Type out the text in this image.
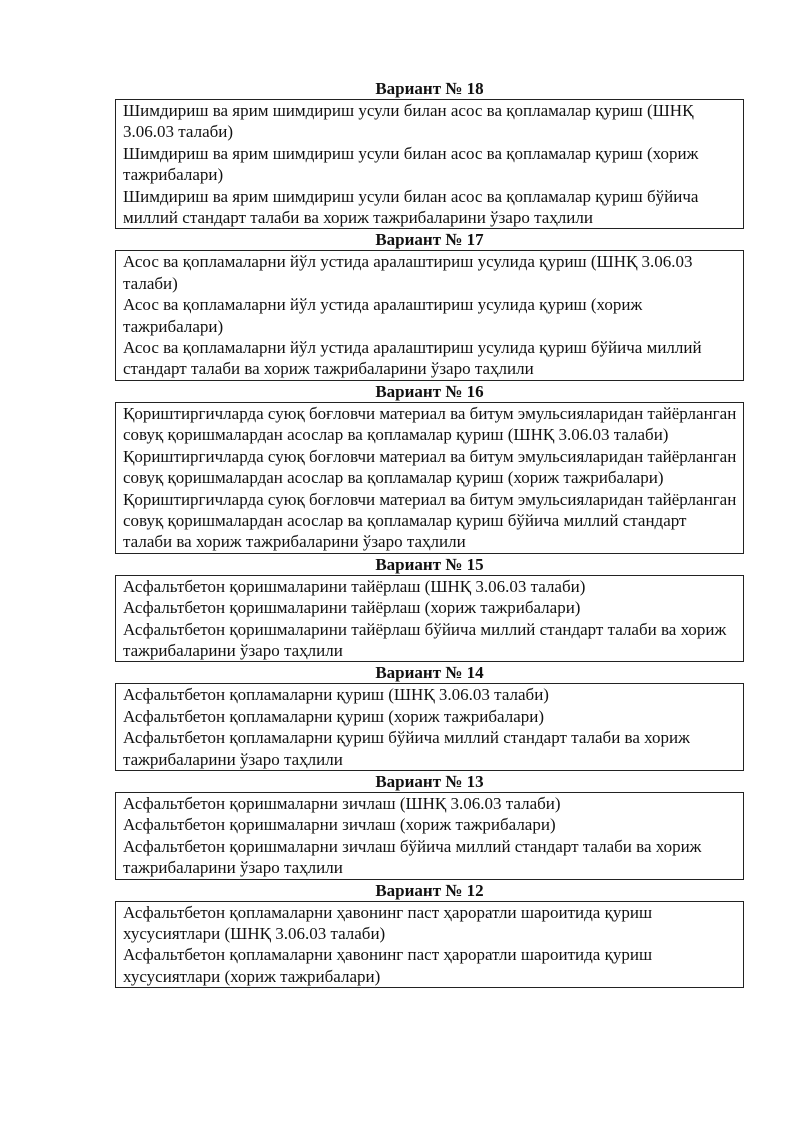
Вариант № 18
Шимдириш ва ярим шимдириш усули билан асос ва қопламалар қуриш (ШНҚ 3.06.03 талаби)
Шимдириш ва ярим шимдириш усули билан асос ва қопламалар қуриш (хориж тажрибалари)
Шимдириш ва ярим шимдириш усули билан асос ва қопламалар қуриш бўйича миллий стандарт талаби ва хориж тажрибаларини ўзаро таҳлили
Вариант № 17
Асос ва қопламаларни йўл устида аралаштириш усулида қуриш (ШНҚ 3.06.03 талаби)
Асос ва қопламаларни йўл устида аралаштириш усулида қуриш (хориж тажрибалари)
Асос ва қопламаларни йўл устида аралаштириш усулида қуриш бўйича миллий стандарт талаби ва хориж тажрибаларини ўзаро таҳлили
Вариант № 16
Қориштиргичларда суюқ боғловчи материал ва битум эмульсияларидан тайёрланган совуқ қоришмалардан асослар ва қопламалар қуриш (ШНҚ 3.06.03 талаби)
Қориштиргичларда суюқ боғловчи материал ва битум эмульсияларидан тайёрланган совуқ қоришмалардан асослар ва қопламалар қуриш (хориж тажрибалари)
Қориштиргичларда суюқ боғловчи материал ва битум эмульсияларидан тайёрланган совуқ қоришмалардан асослар ва қопламалар қуриш бўйича миллий стандарт талаби ва хориж тажрибаларини ўзаро таҳлили
Вариант № 15
Асфальтбетон қоришмаларини тайёрлаш (ШНҚ 3.06.03 талаби)
Асфальтбетон қоришмаларини тайёрлаш (хориж тажрибалари)
Асфальтбетон қоришмаларини тайёрлаш бўйича миллий стандарт талаби ва хориж тажрибаларини ўзаро таҳлили
Вариант № 14
Асфальтбетон қопламаларни қуриш (ШНҚ 3.06.03 талаби)
Асфальтбетон қопламаларни қуриш (хориж тажрибалари)
Асфальтбетон қопламаларни қуриш бўйича миллий стандарт талаби ва хориж тажрибаларини ўзаро таҳлили
Вариант № 13
Асфальтбетон қоришмаларни зичлаш (ШНҚ 3.06.03 талаби)
Асфальтбетон қоришмаларни зичлаш (хориж тажрибалари)
Асфальтбетон қоришмаларни зичлаш бўйича миллий стандарт талаби ва хориж тажрибаларини ўзаро таҳлили
Вариант № 12
Асфальтбетон қопламаларни ҳавонинг паст ҳароратли шароитида қуриш хусусиятлари (ШНҚ 3.06.03 талаби)
Асфальтбетон қопламаларни ҳавонинг паст ҳароратли шароитида қуриш хусусиятлари (хориж тажрибалари)
